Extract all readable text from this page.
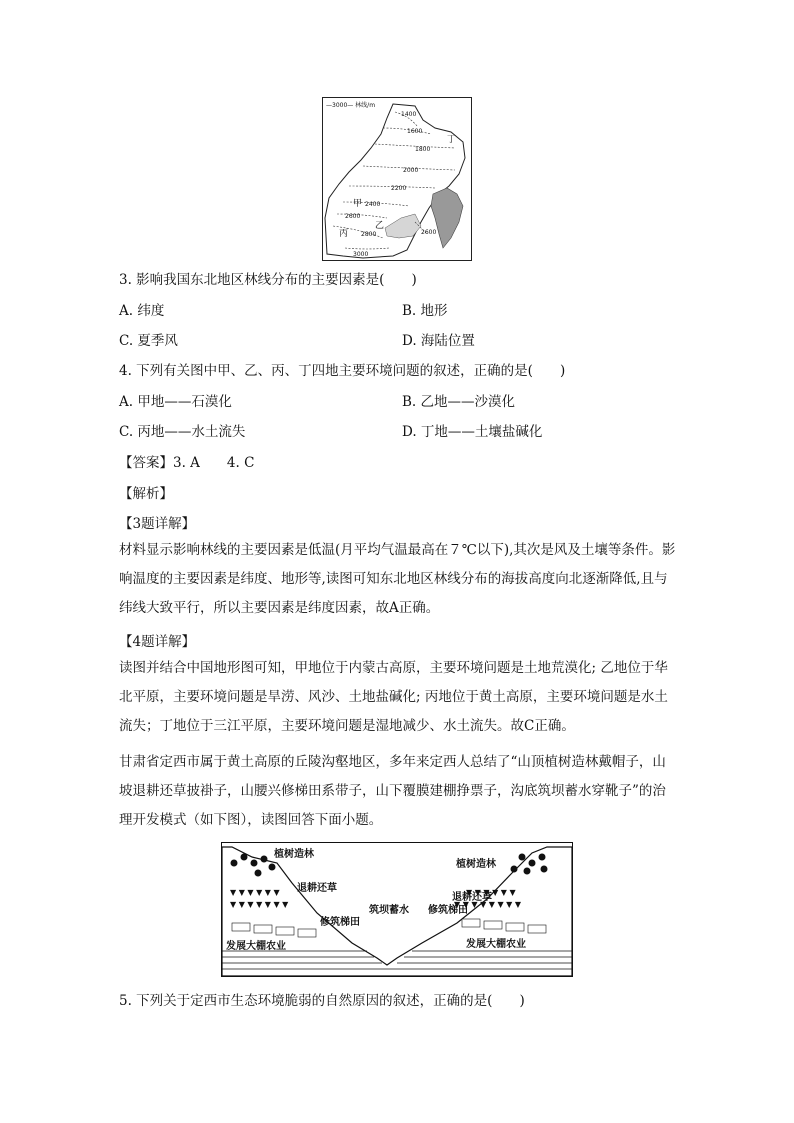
—3000— 林线/m
1400
1600
1800
2000
2200
2400
2600
2800
3000
2600
丁
甲
乙
丙
3. 影响我国东北地区林线分布的主要因素是(　　)
A. 纬度	B. 地形
C. 夏季风	D. 海陆位置
4. 下列有关图中甲、乙、丙、丁四地主要环境问题的叙述，正确的是(　　)
A. 甲地——石漠化	B. 乙地——沙漠化
C. 丙地——水土流失	D. 丁地——土壤盐碱化
【答案】3. A　　4. C
【解析】
【3题详解】
材料显示影响林线的主要因素是低温(月平均气温最高在７℃以下),其次是风及土壤等条件。影响温度的主要因素是纬度、地形等,读图可知东北地区林线分布的海拔高度向北逐渐降低,且与纬线大致平行，所以主要因素是纬度因素，故A正确。
【4题详解】
读图并结合中国地形图可知，甲地位于内蒙古高原，主要环境问题是土地荒漠化; 乙地位于华北平原，主要环境问题是旱涝、风沙、土地盐碱化; 丙地位于黄土高原，主要环境问题是水土流失；丁地位于三江平原，主要环境问题是湿地减少、水土流失。故C正确。
甘肃省定西市属于黄土高原的丘陵沟壑地区，多年来定西人总结了“山顶植树造林戴帽子，山坡退耕还草披褂子，山腰兴修梯田系带子，山下覆膜建棚挣票子，沟底筑坝蓄水穿靴子”的治理开发模式（如下图），读图回答下面小题。
▼ ▼ ▼ ▼ ▼ ▼
▼ ▼ ▼ ▼ ▼ ▼ ▼
▼ ▼ ▼ ▼ ▼ ▼
▼ ▼ ▼ ▼ ▼ ▼ ▼ ▼
植树造林
植树造林
退耕还草
退耕还草
筑坝蓄水
修筑梯田
修筑梯田
发展大棚农业	发展大棚农业
5. 下列关于定西市生态环境脆弱的自然原因的叙述，正确的是(　　)
